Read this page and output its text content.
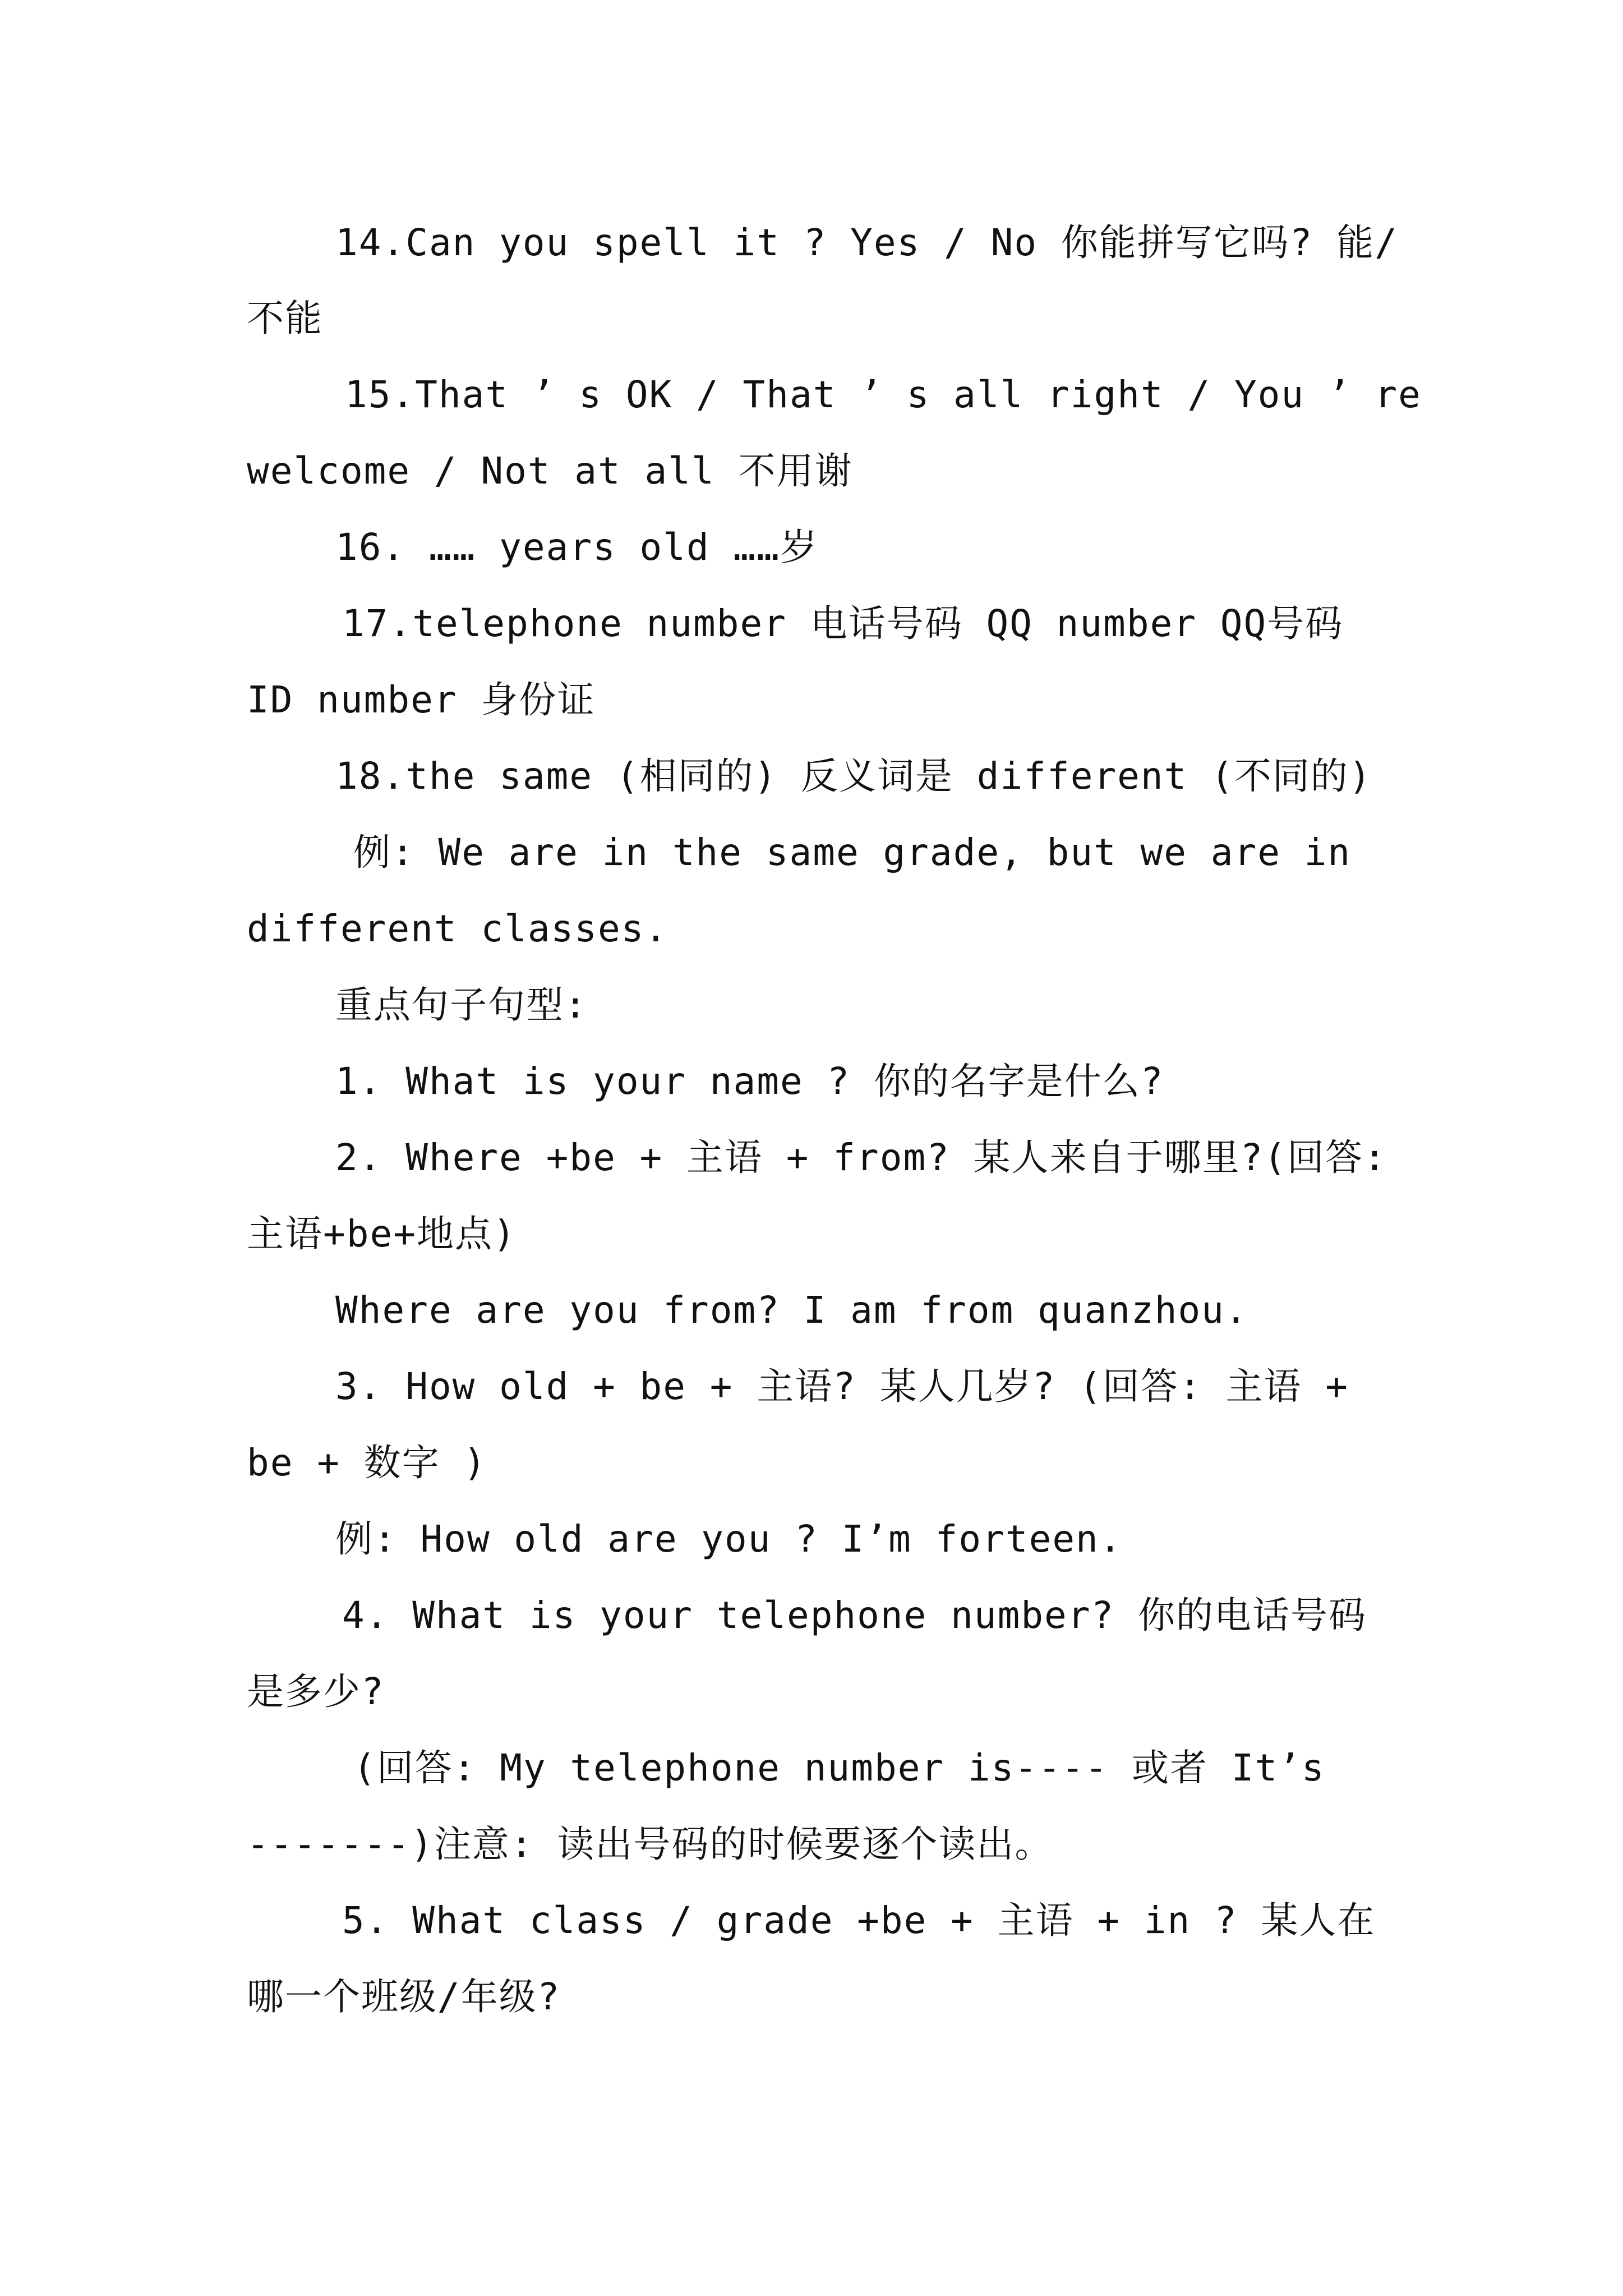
14.Can you spell it ? Yes / No 你能拼写它吗? 能/
不能
15.That ’ s OK / That ’ s all right / You ’ re
welcome / Not at all 不用谢
16. …… years old ……岁
17.telephone number 电话号码 QQ number QQ号码
ID number 身份证
18.the same (相同的) 反义词是 different (不同的)
例: We are in the same grade, but we are in
different classes.
重点句子句型:
1. What is your name ? 你的名字是什么?
2. Where +be + 主语 + from? 某人来自于哪里?(回答:
主语+be+地点)
Where are you from? I am from quanzhou.
3. How old + be + 主语? 某人几岁? (回答: 主语 +
be + 数字 )
例: How old are you ? I’m forteen.
4. What is your telephone number? 你的电话号码
是多少?
(回答: My telephone number is---- 或者 It’s
-------)注意: 读出号码的时候要逐个读出。
5. What class / grade +be + 主语 + in ? 某人在
哪一个班级/年级?
